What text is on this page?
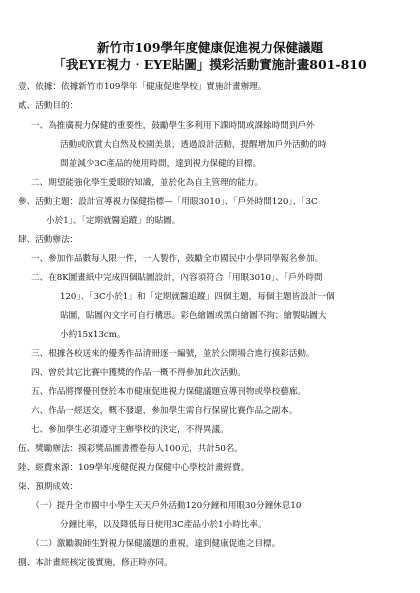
新竹市109學年度健康促進視力保健議題
「我EYE視力‧EYE貼圖」摸彩活動實施計畫801-810
壹、依據：依據新竹市109學年「健康促進學校」實施計畫辦理。
貳、活動目的：
一、為推廣視力保健的重要性，鼓勵學生多利用下課時間或課餘時間到戶外
活動或欣賞大自然及校園美景，透過設計活動，提醒增加戶外活動的時
間並減少3C產品的使用時間，達到視力保健的目標。
二、期望能強化學生愛眼的知識，並於化為自主管理的能力。
參、活動主題：設計宣導視力保健指標—「用眼3010」、「戶外時間120」、「3C
小於1」、「定期就醫追蹤」的貼圖。
肆、活動辦法：
一、參加作品數每人限一件，一人製作，鼓勵全市國民中小學同學報名參加。
二、在8K圖畫紙中完成四個貼圖設計，內容須符合「用眼3010」、「戶外時間
120」、「3C小於1」和「定期就醫追蹤」四個主題，每個主題皆設計一個
貼圖，貼圖內文字可自行構思。彩色繪圖或黑白繪圖不拘；繪製貼圖大
小約15x13cm。
三、根據各校送來的優秀作品清冊逐一編號，並於公開場合進行摸彩活動。
四、曾於其它比賽中獲獎的作品一概不得參加此次活動。
五、作品將擇優刊登於本市健康促進視力保健議題宣導刊物或學校藝廊。
六、作品一經送交，概不發還，參加學生需自行保留比賽作品之副本。
七、參加學生必須遵守主辦學校的決定，不得異議。
伍、獎勵辦法：摸彩獎品圖書禮卷每人100元，共計50名。
陸、經費來源：109學年度健促視力保健中心學校計畫經費。
柒、預期成效：
（一）提升全市國中小學生天天戶外活動120分鐘和用眼30分鐘休息10
分鐘比率，以及降低每日使用3C產品小於1小時比率。
（二）激勵親師生對視力保健議題的重視，達到健康促進之目標。
捌、本計畫經核定後實施，修正時亦同。
